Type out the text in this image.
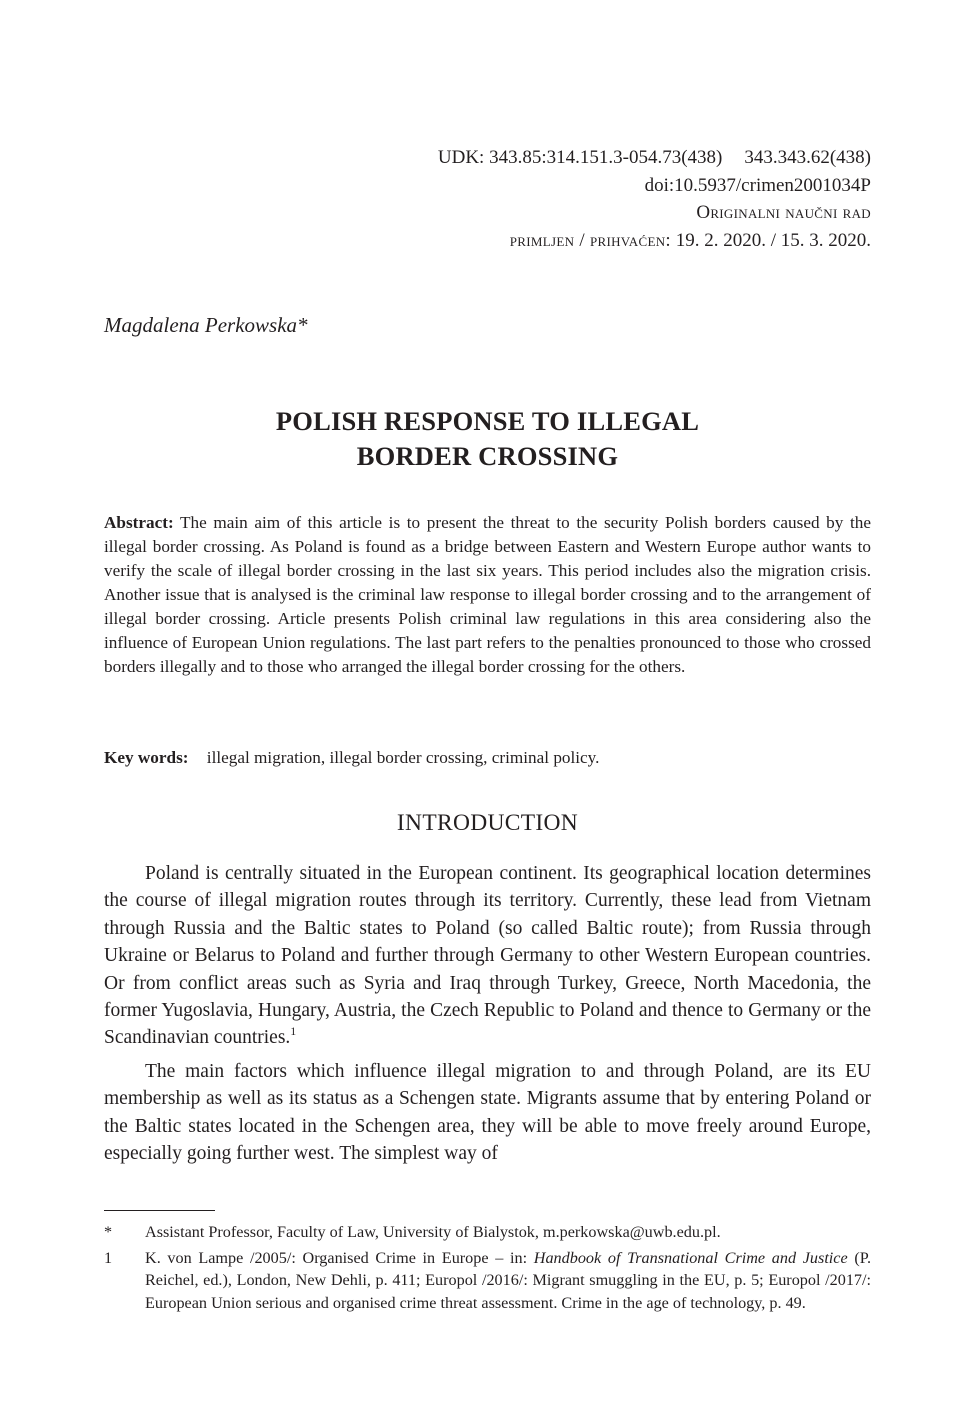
UDK: 343.85:314.151.3-054.73(438) 343.343.62(438)
doi:10.5937/crimen2001034P
Originalni naučni rad
primljen / prihvaćen: 19. 2. 2020. / 15. 3. 2020.
Magdalena Perkowska*
POLISH RESPONSE TO ILLEGAL
BORDER CROSSING
Abstract: The main aim of this article is to present the threat to the security Polish borders caused by the illegal border crossing. As Poland is found as a bridge between Eastern and Western Europe author wants to verify the scale of illegal border crossing in the last six years. This period includes also the migration crisis. Another issue that is analysed is the criminal law response to illegal border crossing and to the arrangement of illegal border crossing. Article presents Polish criminal law regulations in this area considering also the influence of European Union regulations. The last part refers to the penalties pronounced to those who crossed borders illegally and to those who arranged the illegal border crossing for the others.
Key words: illegal migration, illegal border crossing, criminal policy.
INTRODUCTION

Poland is centrally situated in the European continent. Its geographical location determines the course of illegal migration routes through its territory. Currently, these lead from Vietnam through Russia and the Baltic states to Poland (so called Baltic route); from Russia through Ukraine or Belarus to Poland and further through Germany to other Western European countries. Or from conflict areas such as Syria and Iraq through Turkey, Greece, North Macedonia, the former Yugoslavia, Hungary, Austria, the Czech Republic to Poland and thence to Germany or the Scandinavian countries.$^1$

The main factors which influence illegal migration to and through Poland, are its EU membership as well as its status as a Schengen state. Migrants assume that by entering Poland or the Baltic states located in the Schengen area, they will be able to move freely around Europe, especially going further west. The simplest way of

*	Assistant Professor, Faculty of Law, University of Bialystok, m.perkowska@uwb.edu.pl.
1	K. von Lampe /2005/: Organised Crime in Europe – in: Handbook of Transnational Crime and Justice (P. Reichel, ed.), London, New Dehli, p. 411; Europol /2016/: Migrant smuggling in the EU, p. 5; Europol /2017/: European Union serious and organised crime threat assessment. Crime in the age of technology, p. 49.
